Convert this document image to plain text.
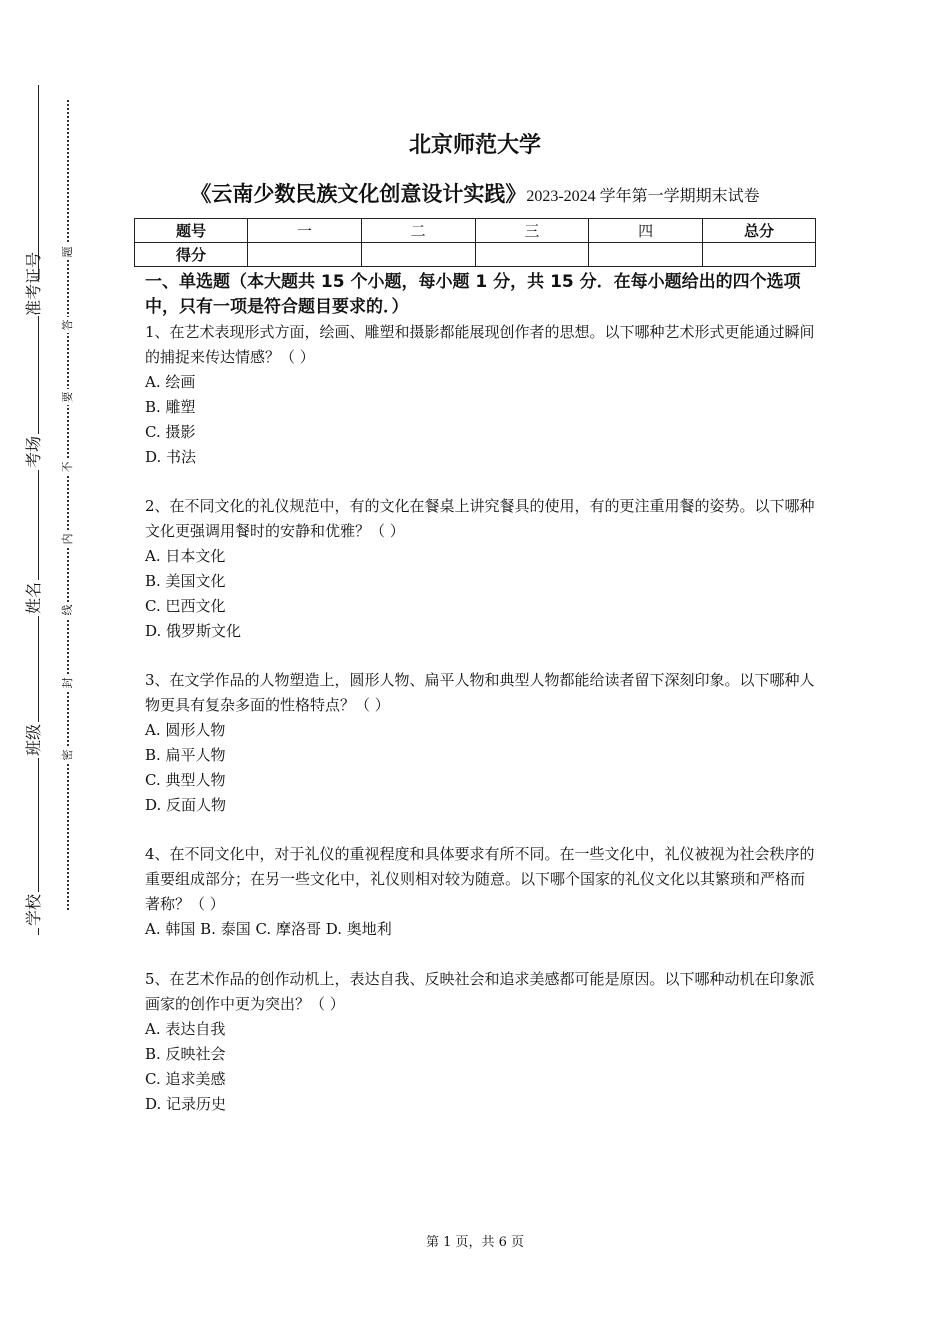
准考证号
考场
姓名
班级
学校
题
答
要
不
内
线
封
密
北京师范大学
《云南少数民族文化创意设计实践》2023-2024 学年第一学期期末试卷
题号	一	二	三	四	总分
得分					
一、单选题（本大题共 15 个小题，每小题 1 分，共 15 分．在每小题给出的四个选项中，只有一项是符合题目要求的．）

1、在艺术表现形式方面，绘画、雕塑和摄影都能展现创作者的思想。以下哪种艺术形式更能通过瞬间的捕捉来传达情感？（ ）

A. 绘画

B. 雕塑

C. 摄影

D. 书法

2、在不同文化的礼仪规范中，有的文化在餐桌上讲究餐具的使用，有的更注重用餐的姿势。以下哪种文化更强调用餐时的安静和优雅？（ ）

A. 日本文化

B. 美国文化

C. 巴西文化

D. 俄罗斯文化

3、在文学作品的人物塑造上，圆形人物、扁平人物和典型人物都能给读者留下深刻印象。以下哪种人物更具有复杂多面的性格特点？（ ）

A. 圆形人物

B. 扁平人物

C. 典型人物

D. 反面人物

4、在不同文化中，对于礼仪的重视程度和具体要求有所不同。在一些文化中，礼仪被视为社会秩序的重要组成部分；在另一些文化中，礼仪则相对较为随意。以下哪个国家的礼仪文化以其繁琐和严格而著称？（ ）

A. 韩国 B. 泰国 C. 摩洛哥 D. 奥地利

5、在艺术作品的创作动机上，表达自我、反映社会和追求美感都可能是原因。以下哪种动机在印象派画家的创作中更为突出？（ ）

A. 表达自我

B. 反映社会

C. 追求美感

D. 记录历史

第 1 页，共 6 页
